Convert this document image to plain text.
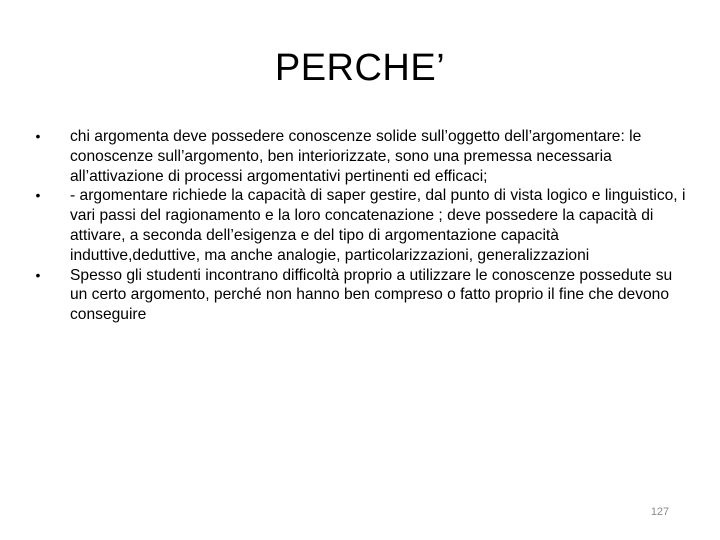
PERCHE’
•	chi argomenta deve possedere conoscenze solide sull’oggetto dell’argomentare: le conoscenze sull’argomento, ben interiorizzate, sono una premessa necessaria all’attivazione di processi argomentativi pertinenti ed efficaci;
•	- argomentare richiede la capacità di saper gestire, dal punto di vista logico e linguistico, i vari passi del ragionamento e la loro concatenazione ; deve possedere la capacità di attivare, a seconda dell’esigenza e del tipo di argomentazione capacità induttive,deduttive, ma anche analogie, particolarizzazioni, generalizzazioni
•	Spesso gli studenti incontrano difficoltà proprio a utilizzare le conoscenze possedute su un certo argomento, perché non hanno ben compreso o fatto proprio il fine che devono conseguire
127
